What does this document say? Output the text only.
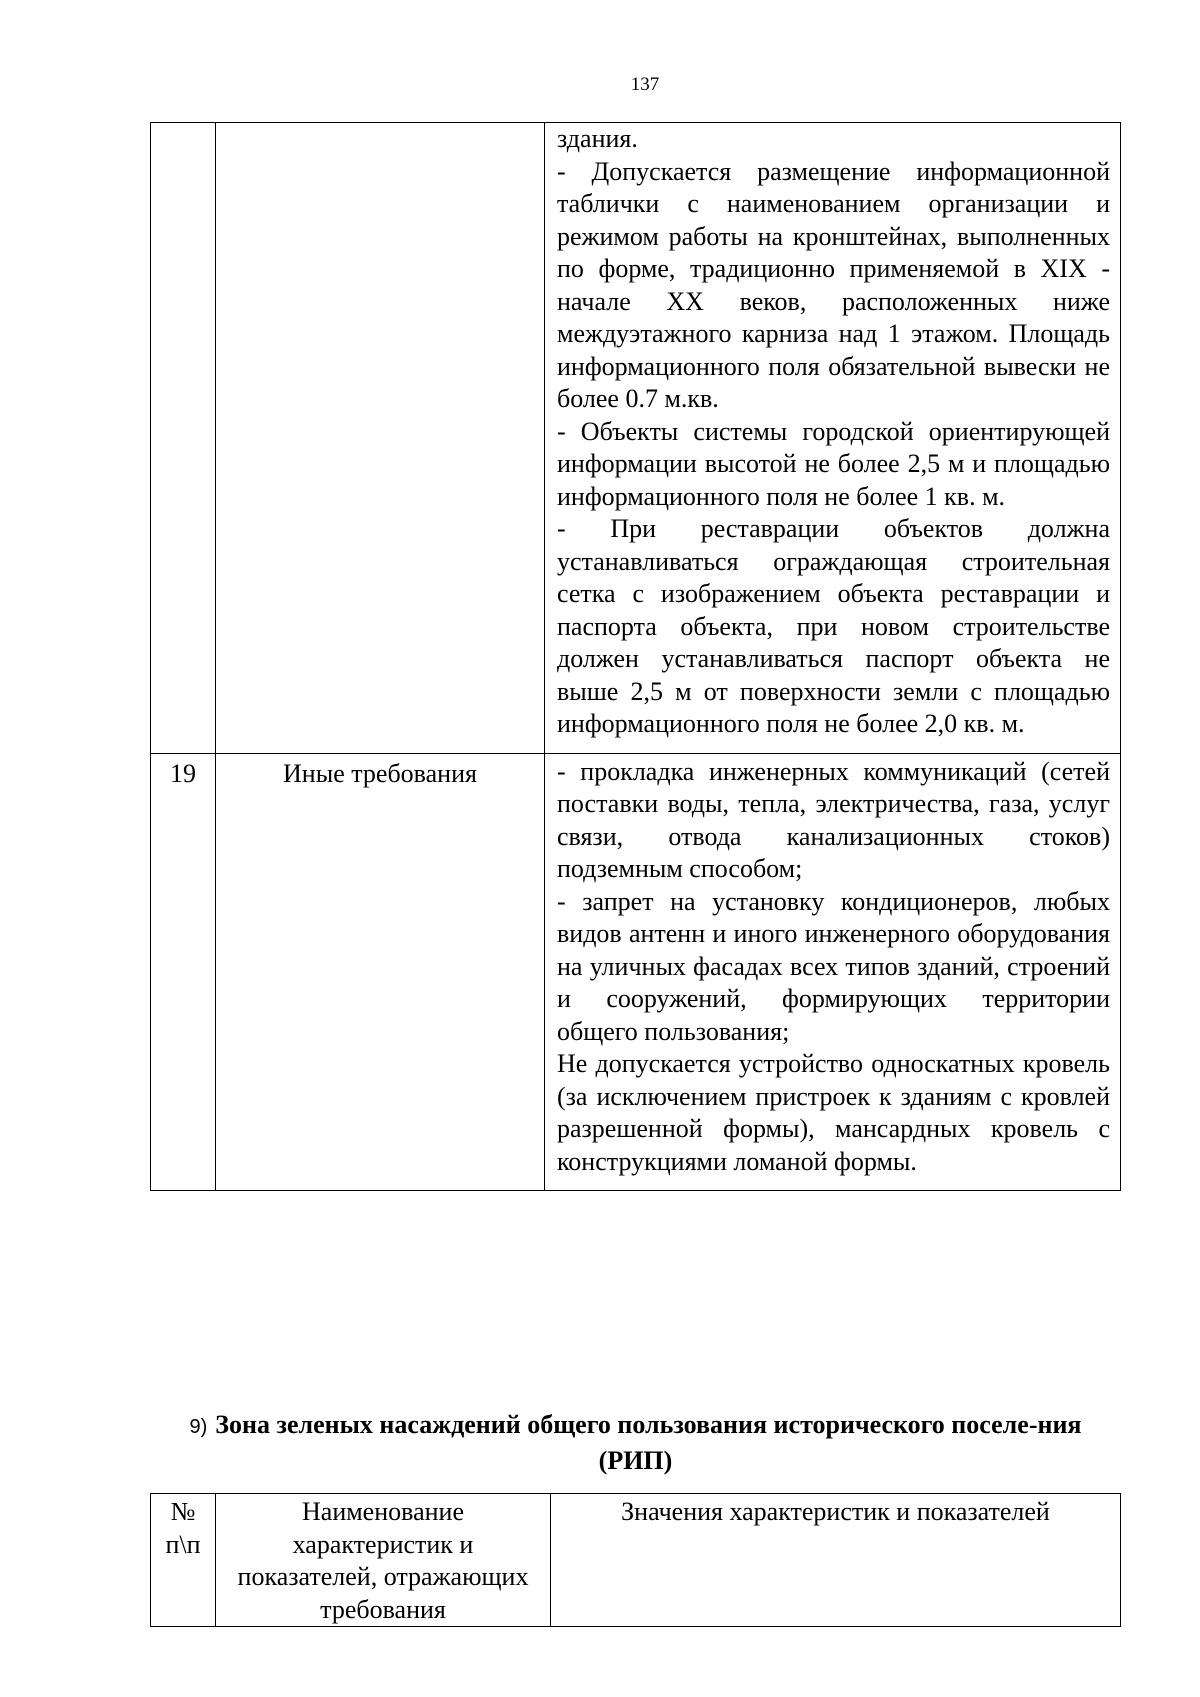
137

		здания.
- Допускается размещение информационной таблички с наименованием организации и режимом работы на кронштейнах, выполненных по форме, традиционно применяемой в XIX - начале XX веков, расположенных ниже междуэтажного карниза над 1 этажом. Площадь информационного поля обязательной вывески не более 0.7 м.кв.
- Объекты системы городской ориентирующей информации высотой не более 2,5 м и площадью информационного поля не более 1 кв. м.
- При реставрации объектов должна устанавливаться ограждающая строительная сетка с изображением объекта реставрации и паспорта объекта, при новом строительстве должен устанавливаться паспорт объекта не выше 2,5 м от поверхности земли с площадью информационного поля не более 2,0 кв. м.

19	Иные требования	- прокладка инженерных коммуникаций (сетей поставки воды, тепла, электричества, газа, услуг связи, отвода канализационных стоков) подземным способом;
- запрет на установку кондиционеров, любых видов антенн и иного инженерного оборудования на уличных фасадах всех типов зданий, строений и сооружений, формирующих территории общего пользования;
Не допускается устройство односкатных кровель (за исключением пристроек к зданиям с кровлей разрешенной формы), мансардных кровель с конструкциями ломаной формы.
9) Зона зеленых насаждений общего пользования исторического поселе-ния (РИП)
№ п\п	Наименование характеристик и показателей, отражающих требования	Значения характеристик и показателей
